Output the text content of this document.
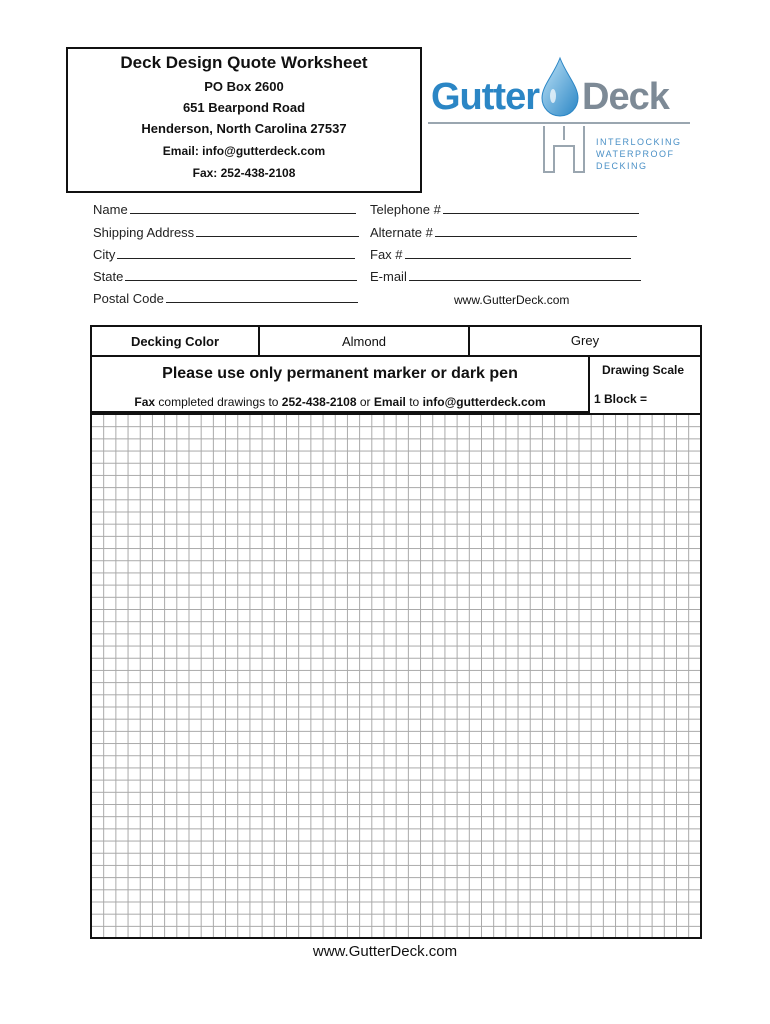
Deck Design Quote Worksheet
PO Box 2600
651 Bearpond Road
Henderson, North Carolina 27537
Email: info@gutterdeck.com
Fax: 252-438-2108
Gutter Deck
INTERLOCKING
WATERPROOF
DECKING
Name
Shipping Address
City
State
Postal Code
Telephone #
Alternate #
Fax #
E-mail
www.GutterDeck.com
Decking Color	Almond	Grey
Please use only permanent marker or dark pen
Fax completed drawings to 252-438-2108 or Email to info@gutterdeck.com
Drawing Scale
1 Block =
www.GutterDeck.com
